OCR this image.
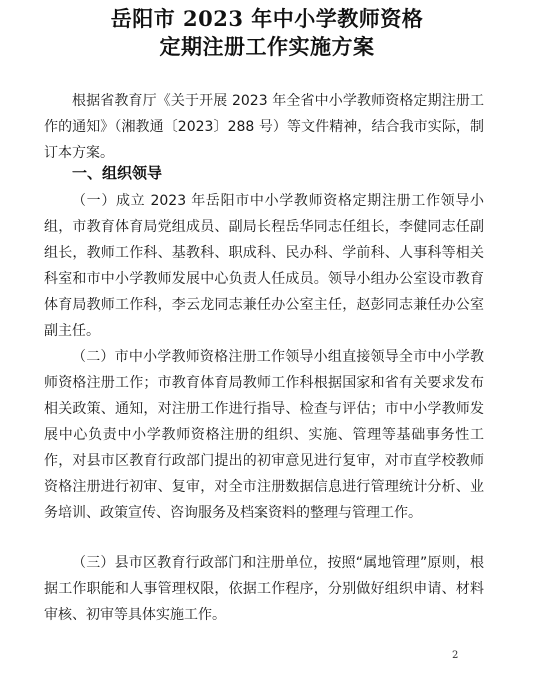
岳阳市 2023 年中小学教师资格
定期注册工作实施方案

根据省教育厅《关于开展 2023 年全省中小学教师资格定期注册工作的通知》（湘教通〔2023〕288 号）等文件精神，结合我市实际，制订本方案。

一、组织领导

（一）成立 2023 年岳阳市中小学教师资格定期注册工作领导小组，市教育体育局党组成员、副局长程岳华同志任组长，李健同志任副组长，教师工作科、基教科、职成科、民办科、学前科、人事科等相关科室和市中小学教师发展中心负责人任成员。领导小组办公室设市教育体育局教师工作科，李云龙同志兼任办公室主任，赵彭同志兼任办公室副主任。

（二）市中小学教师资格注册工作领导小组直接领导全市中小学教师资格注册工作；市教育体育局教师工作科根据国家和省有关要求发布相关政策、通知，对注册工作进行指导、检查与评估；市中小学教师发展中心负责中小学教师资格注册的组织、实施、管理等基础事务性工作，对县市区教育行政部门提出的初审意见进行复审，对市直学校教师资格注册进行初审、复审，对全市注册数据信息进行管理统计分析、业务培训、政策宣传、咨询服务及档案资料的整理与管理工作。

（三）县市区教育行政部门和注册单位，按照“属地管理”原则，根据工作职能和人事管理权限，依据工作程序，分别做好组织申请、材料审核、初审等具体实施工作。

2
